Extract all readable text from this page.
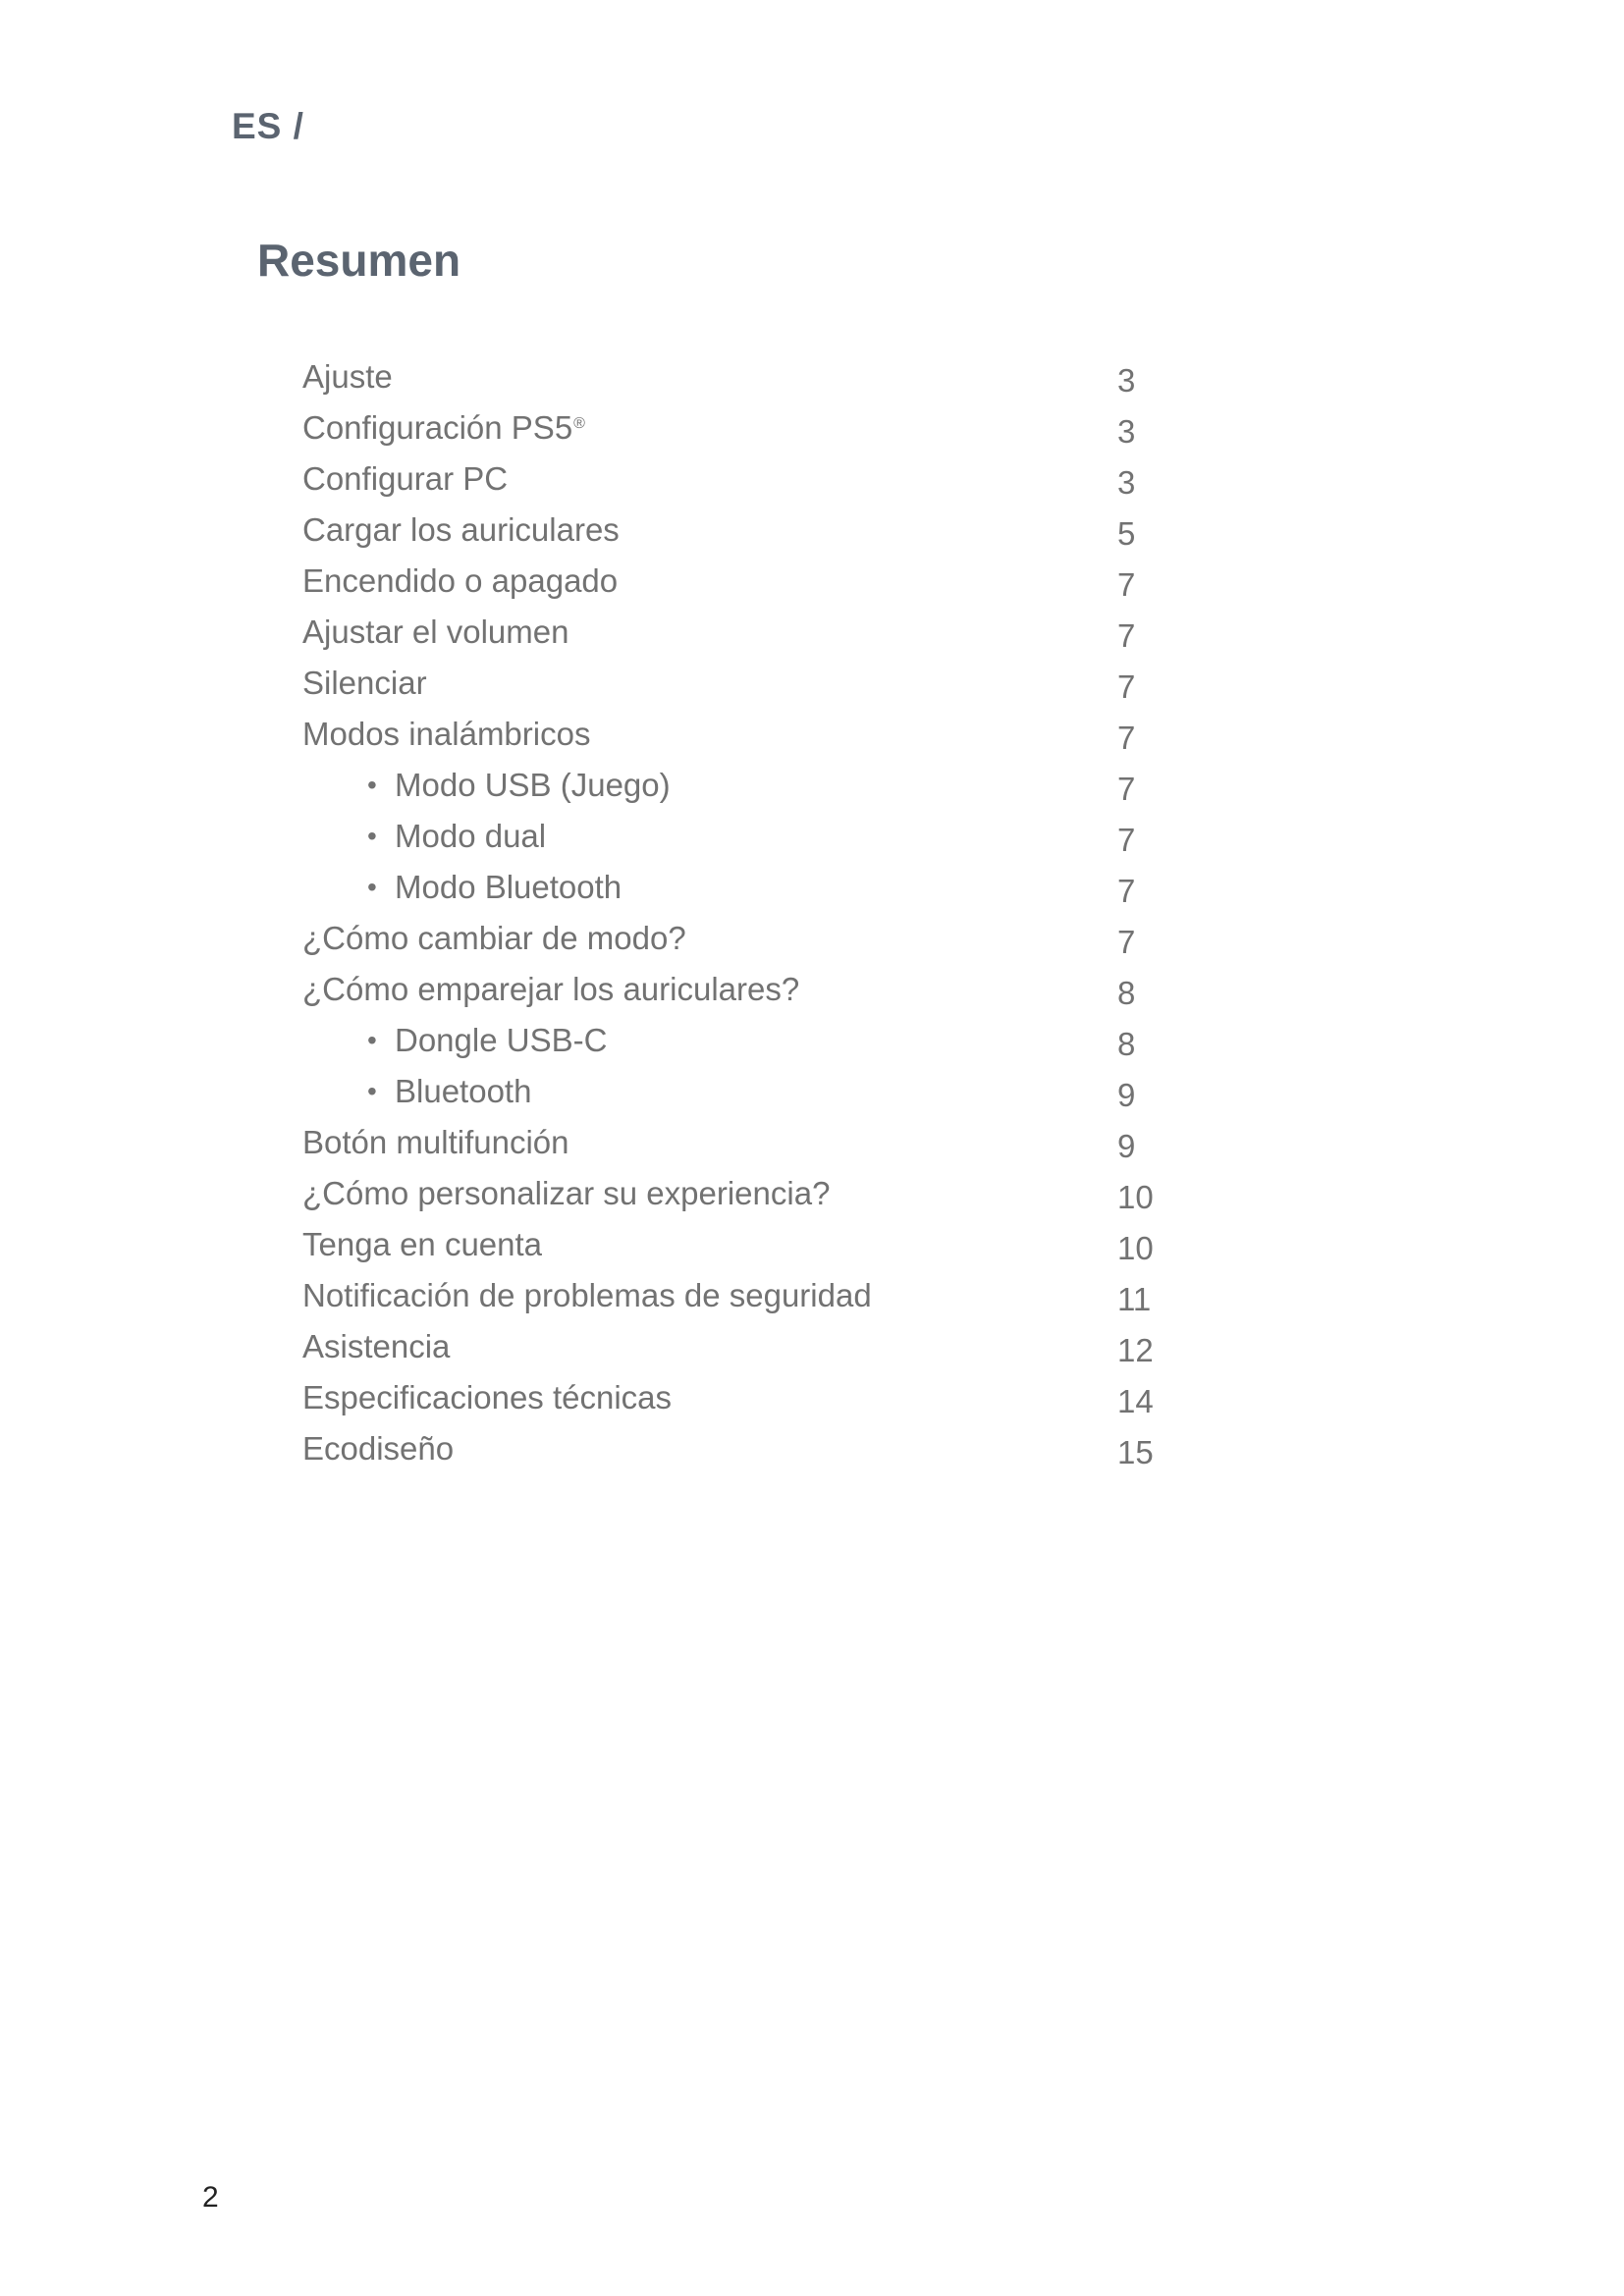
ES /
Resumen
Ajuste	3
Configuración PS5®	3
Configurar PC	3
Cargar los auriculares	5
Encendido o apagado	7
Ajustar el volumen	7
Silenciar	7
Modos inalámbricos	7
• Modo USB (Juego)	7
• Modo dual	7
• Modo Bluetooth	7
¿Cómo cambiar de modo?	7
¿Cómo emparejar los auriculares?	8
• Dongle USB-C	8
• Bluetooth	9
Botón multifunción	9
¿Cómo personalizar su experiencia?	10
Tenga en cuenta	10
Notificación de problemas de seguridad	11
Asistencia	12
Especificaciones técnicas	14
Ecodiseño	15
2
